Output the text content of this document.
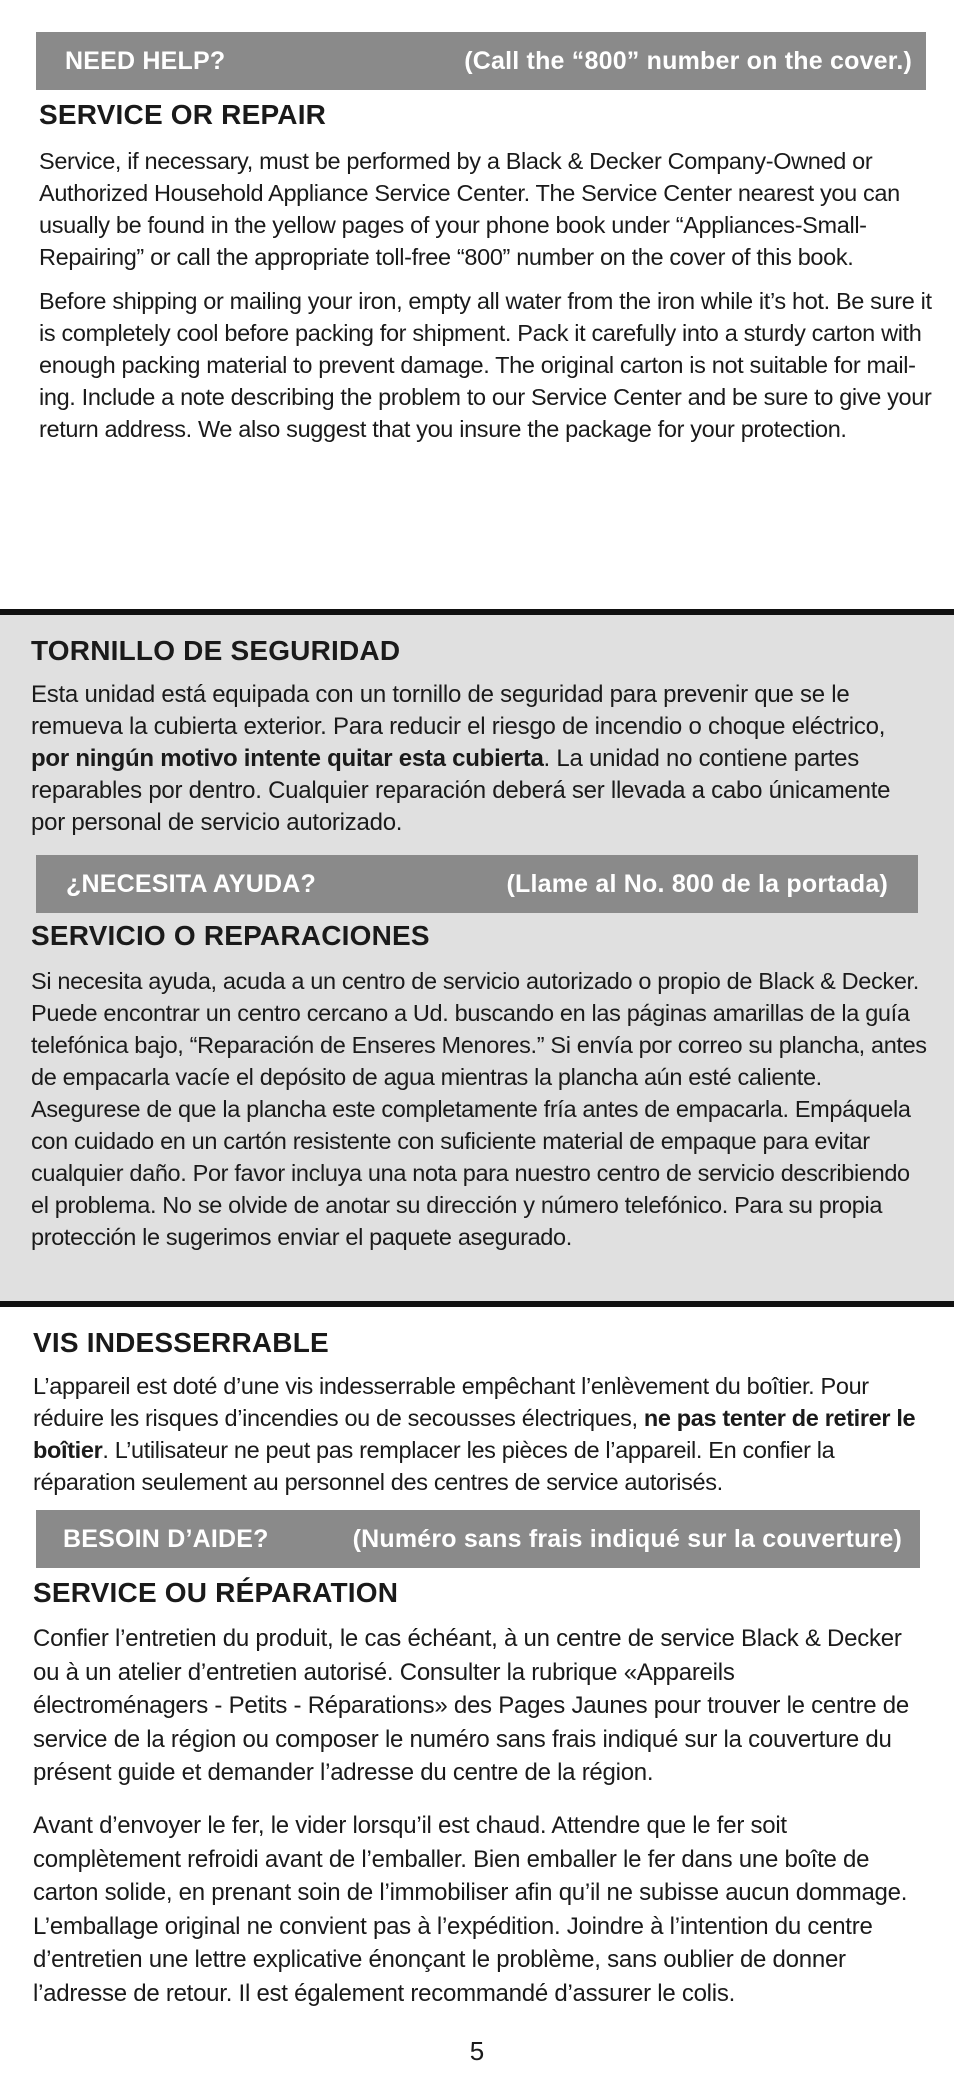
NEED HELP?	(Call the “800” number on the cover.)
SERVICE OR REPAIR

Service, if necessary, must be performed by a Black & Decker Company-Owned or Authorized Household Appliance Service Center. The Service Center nearest you can usually be found in the yellow pages of your phone book under “Appliances-Small-Repairing” or call the appropriate toll-free “800” number on the cover of this book.

Before shipping or mailing your iron, empty all water from the iron while it’s hot. Be sure it is completely cool before packing for shipment. Pack it carefully into a sturdy carton with enough packing material to prevent damage. The original carton is not suitable for mail-ing. Include a note describing the problem to our Service Center and be sure to give your return address. We also suggest that you insure the package for your protection.

TORNILLO DE SEGURIDAD

Esta unidad está equipada con un tornillo de seguridad para prevenir que se le remueva la cubierta exterior. Para reducir el riesgo de incendio o choque eléctrico, por ningún motivo intente quitar esta cubierta. La unidad no contiene partes reparables por dentro. Cualquier reparación deberá ser llevada a cabo únicamente por personal de servicio autorizado.

¿NECESITA AYUDA?	(Llame al No. 800 de la portada)
SERVICIO O REPARACIONES

Si necesita ayuda, acuda a un centro de servicio autorizado o propio de Black & Decker. Puede encontrar un centro cercano a Ud. buscando en las páginas amarillas de la guía telefónica bajo, “Reparación de Enseres Menores.” Si envía por correo su plancha, antes de empacarla vacíe el depósito de agua mientras la plancha aún esté caliente. Asegurese de que la plancha este completamente fría antes de empacarla. Empáquela con cuidado en un cartón resistente con suficiente material de empaque para evitar cualquier daño. Por favor incluya una nota para nuestro centro de servicio describiendo el problema. No se olvide de anotar su dirección y número telefónico. Para su propia protección le sugerimos enviar el paquete asegurado.

VIS INDESSERRABLE

L’appareil est doté d’une vis indesserrable empêchant l’enlèvement du boîtier. Pour réduire les risques d’incendies ou de secousses électriques, ne pas tenter de retirer le boîtier. L’utilisateur ne peut pas remplacer les pièces de l’appareil. En confier la réparation seulement au personnel des centres de service autorisés.

BESOIN D’AIDE?	(Numéro sans frais indiqué sur la couverture)
SERVICE OU RÉPARATION

Confier l’entretien du produit, le cas échéant, à un centre de service Black & Decker ou à un atelier d’entretien autorisé. Consulter la rubrique «Appareils électroménagers - Petits - Réparations» des Pages Jaunes pour trouver le centre de service de la région ou composer le numéro sans frais indiqué sur la couverture du présent guide et demander l’adresse du centre de la région.

Avant d’envoyer le fer, le vider lorsqu’il est chaud. Attendre que le fer soit complètement refroidi avant de l’emballer. Bien emballer le fer dans une boîte de carton solide, en prenant soin de l’immobiliser afin qu’il ne subisse aucun dommage. L’emballage original ne convient pas à l’expédition. Joindre à l’intention du centre d’entretien une lettre explicative énonçant le problème, sans oublier de donner l’adresse de retour. Il est également recommandé d’assurer le colis.

5
